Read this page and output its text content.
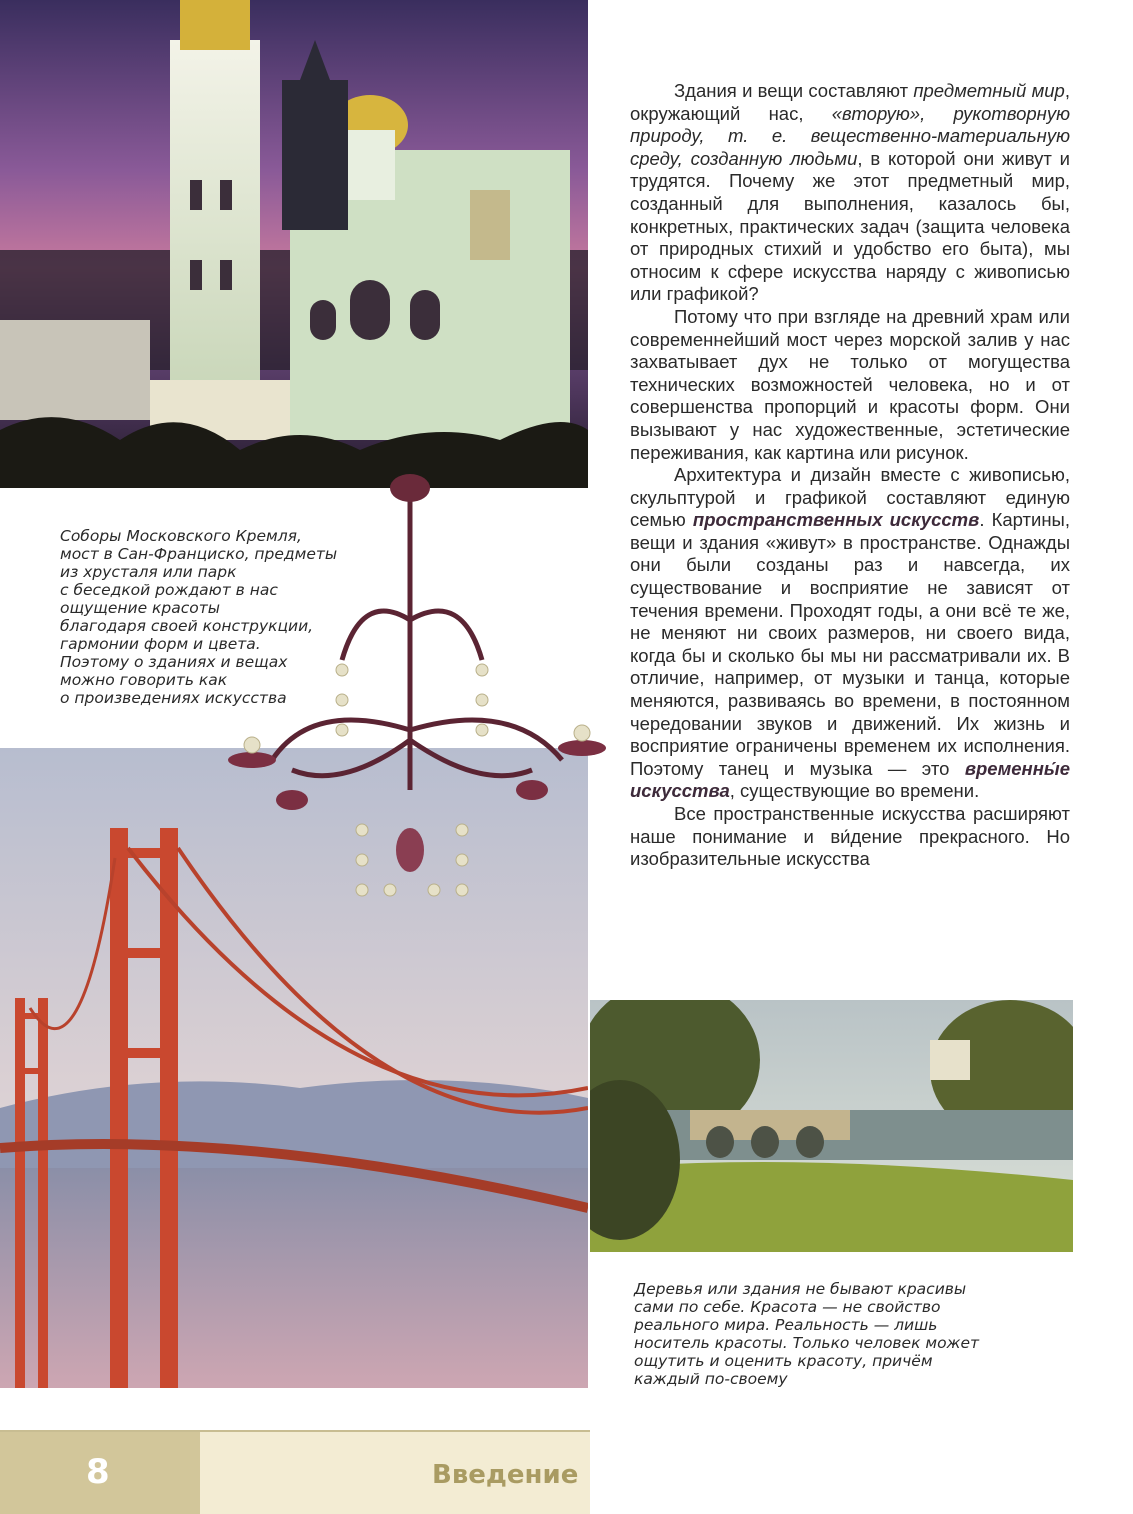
Здания и вещи составляют предметный мир, окружающий нас, «вторую», рукотворную природу, т. е. вещественно-материальную среду, созданную людьми, в которой они живут и трудятся. Почему же этот предметный мир, созданный для выполнения, казалось бы, конкретных, практических задач (защита человека от природных стихий и удобство его быта), мы относим к сфере искусства наряду с живописью или графикой?

Потому что при взгляде на древний храм или современнейший мост через морской залив у нас захватывает дух не только от могущества технических возможностей человека, но и от совершенства пропорций и красоты форм. Они вызывают у нас художественные, эстетические переживания, как картина или рисунок.

Архитектура и дизайн вместе с живописью, скульптурой и графикой составляют единую семью пространственных искусств. Картины, вещи и здания «живут» в пространстве. Однажды они были созданы раз и навсегда, их существование и восприятие не зависят от течения времени. Проходят годы, а они всё те же, не меняют ни своих размеров, ни своего вида, когда бы и сколько бы мы ни рассматривали их. В отличие, например, от музыки и танца, которые меняются, развиваясь во времени, в постоянном чередовании звуков и движений. Их жизнь и восприятие ограничены временем их исполнения. Поэтому танец и музыка — это временны́е искусства, существующие во времени.

Все пространственные искусства расширяют наше понимание и ви́дение прекрасного. Но изобразительные искусства

Соборы Московского Кремля,
мост в Сан-Франциско, предметы
из хрусталя или парк
с беседкой рождают в нас
ощущение красоты
благодаря своей конструкции,
гармонии форм и цвета.
Поэтому о зданиях и вещах
можно говорить как
о произведениях искусства
Деревья или здания не бывают красивы
сами по себе. Красота — не свойство
реального мира. Реальность — лишь
носитель красоты. Только человек может
ощутить и оценить красоту, причём
каждый по-своему
8	Введение
